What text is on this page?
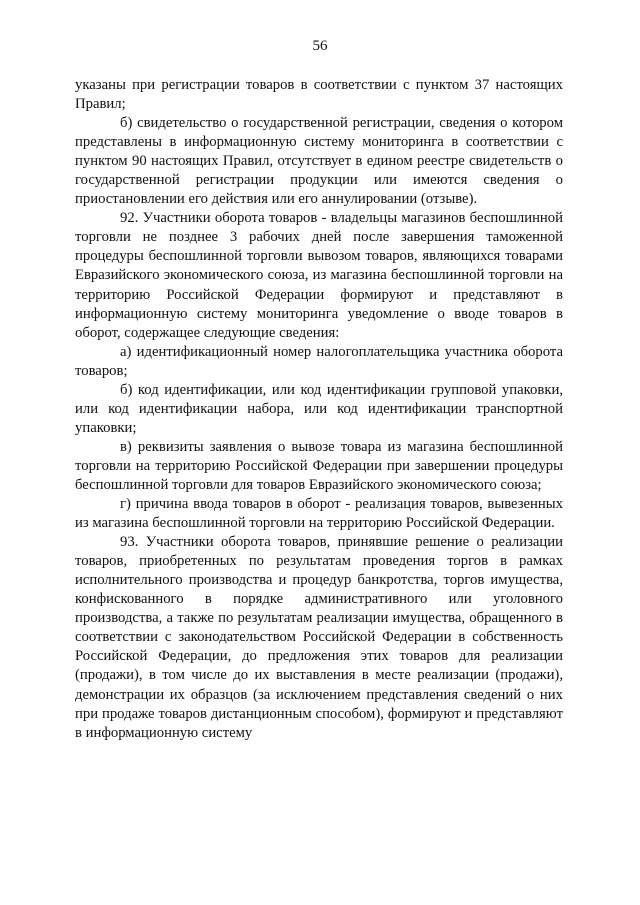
56

указаны при регистрации товаров в соответствии с пунктом 37 настоящих Правил;

б) свидетельство о государственной регистрации, сведения о котором представлены в информационную систему мониторинга в соответствии с пунктом 90 настоящих Правил, отсутствует в едином реестре свидетельств о государственной регистрации продукции или имеются сведения о приостановлении его действия или его аннулировании (отзыве).

92. Участники оборота товаров - владельцы магазинов беспошлинной торговли не позднее 3 рабочих дней после завершения таможенной процедуры беспошлинной торговли вывозом товаров, являющихся товарами Евразийского экономического союза, из магазина беспошлинной торговли на территорию Российской Федерации формируют и представляют в информационную систему мониторинга уведомление о вводе товаров в оборот, содержащее следующие сведения:

а) идентификационный номер налогоплательщика участника оборота товаров;

б) код идентификации, или код идентификации групповой упаковки, или код идентификации набора, или код идентификации транспортной упаковки;

в) реквизиты заявления о вывозе товара из магазина беспошлинной торговли на территорию Российской Федерации при завершении процедуры беспошлинной торговли для товаров Евразийского экономического союза;

г) причина ввода товаров в оборот - реализация товаров, вывезенных из магазина беспошлинной торговли на территорию Российской Федерации.

93. Участники оборота товаров, принявшие решение о реализации товаров, приобретенных по результатам проведения торгов в рамках исполнительного производства и процедур банкротства, торгов имущества, конфискованного в порядке административного или уголовного производства, а также по результатам реализации имущества, обращенного в соответствии с законодательством Российской Федерации в собственность Российской Федерации, до предложения этих товаров для реализации (продажи), в том числе до их выставления в месте реализации (продажи), демонстрации их образцов (за исключением представления сведений о них при продаже товаров дистанционным способом), формируют и представляют в информационную систему
